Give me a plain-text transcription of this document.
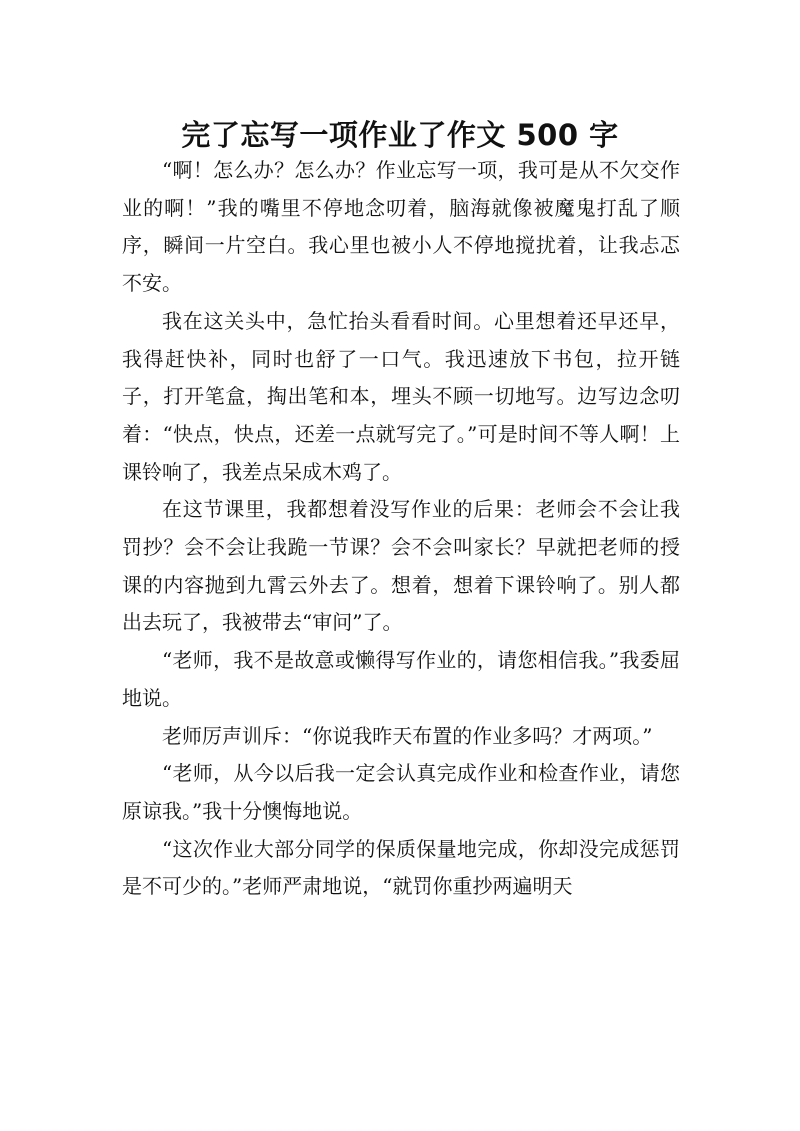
完了忘写一项作业了作文 500 字

“啊！怎么办？怎么办？作业忘写一项，我可是从不欠交作业的啊！”我的嘴里不停地念叨着，脑海就像被魔鬼打乱了顺序，瞬间一片空白。我心里也被小人不停地搅扰着，让我忐忑不安。

我在这关头中，急忙抬头看看时间。心里想着还早还早，我得赶快补，同时也舒了一口气。我迅速放下书包，拉开链子，打开笔盒，掏出笔和本，埋头不顾一切地写。边写边念叨着：“快点，快点，还差一点就写完了。”可是时间不等人啊！上课铃响了，我差点呆成木鸡了。

在这节课里，我都想着没写作业的后果：老师会不会让我罚抄？会不会让我跪一节课？会不会叫家长？早就把老师的授课的内容抛到九霄云外去了。想着，想着下课铃响了。别人都出去玩了，我被带去“审问”了。

“老师，我不是故意或懒得写作业的，请您相信我。”我委屈地说。

老师厉声训斥：“你说我昨天布置的作业多吗？才两项。”

“老师，从今以后我一定会认真完成作业和检查作业，请您原谅我。”我十分懊悔地说。

“这次作业大部分同学的保质保量地完成，你却没完成惩罚是不可少的。”老师严肃地说，“就罚你重抄两遍明天
